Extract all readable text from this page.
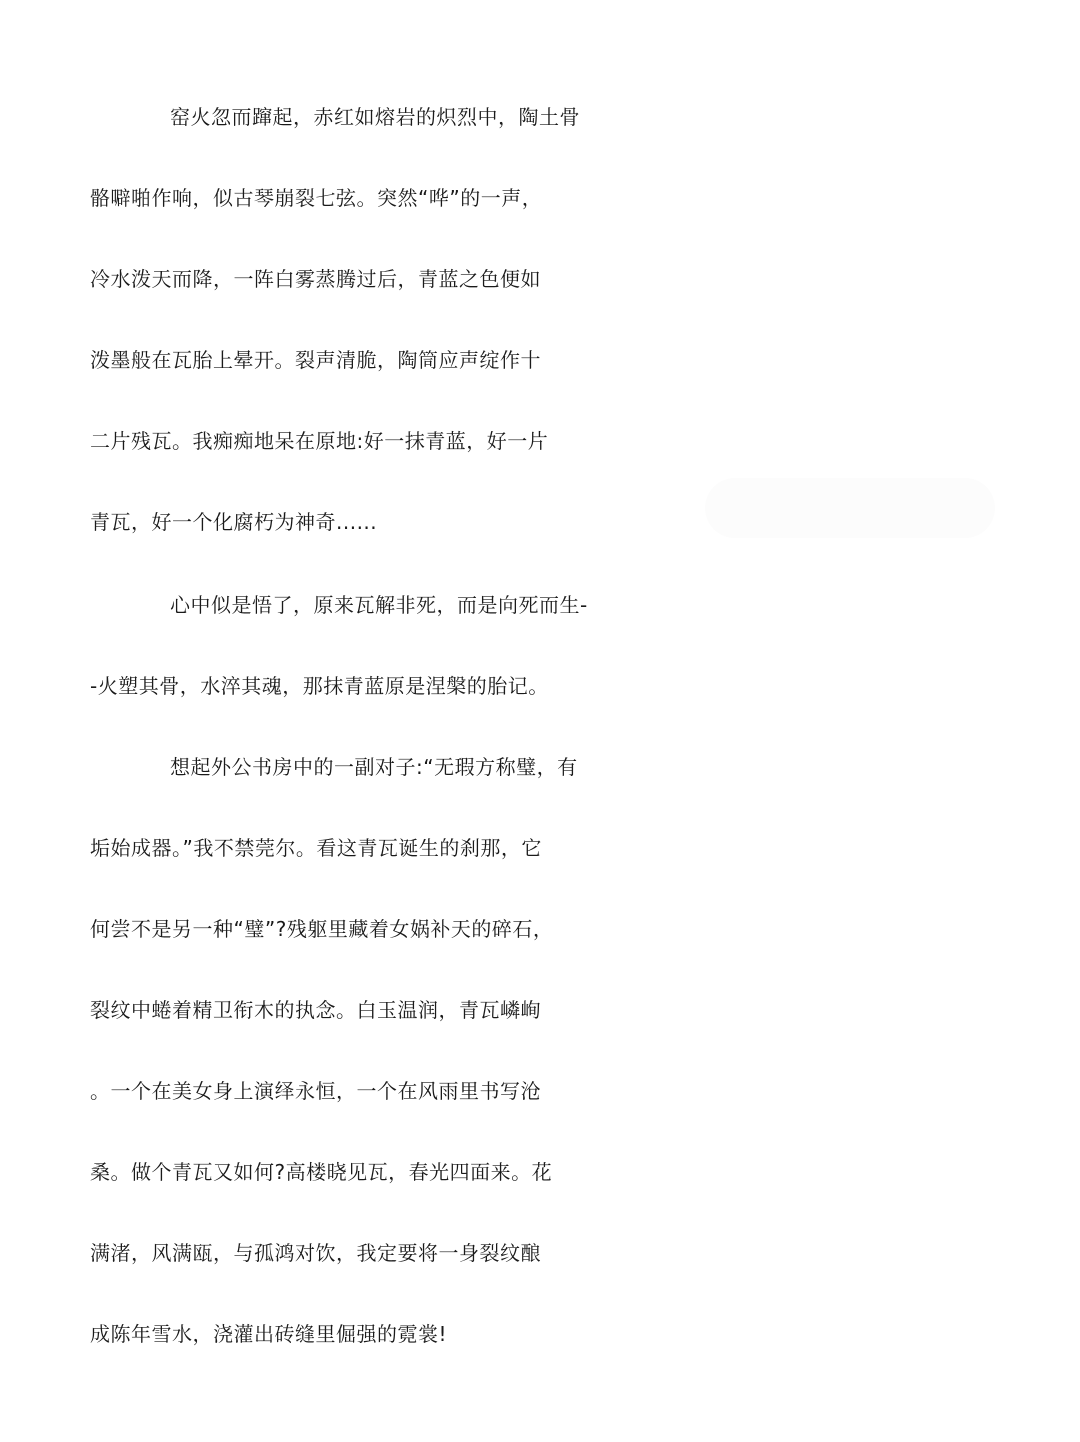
窑火忽而蹿起，赤红如熔岩的炽烈中，陶土骨
骼噼啪作响，似古琴崩裂七弦。突然“哗”的一声，
冷水泼天而降，一阵白雾蒸腾过后，青蓝之色便如
泼墨般在瓦胎上晕开。裂声清脆，陶筒应声绽作十
二片残瓦。我痴痴地呆在原地:好一抹青蓝，好一片
青瓦，好一个化腐朽为神奇......
心中似是悟了，原来瓦解非死，而是向死而生-
-火塑其骨，水淬其魂，那抹青蓝原是涅槃的胎记。
想起外公书房中的一副对子:“无瑕方称璧，有
垢始成器。”我不禁莞尔。看这青瓦诞生的刹那，它
何尝不是另一种“璧”?残躯里藏着女娲补天的碎石，
裂纹中蜷着精卫衔木的执念。白玉温润，青瓦嶙峋
。一个在美女身上演绎永恒，一个在风雨里书写沧
桑。做个青瓦又如何?高楼晓见瓦，春光四面来。花
满渚，风满瓯，与孤鸿对饮，我定要将一身裂纹酿
成陈年雪水，浇灌出砖缝里倔强的霓裳!
